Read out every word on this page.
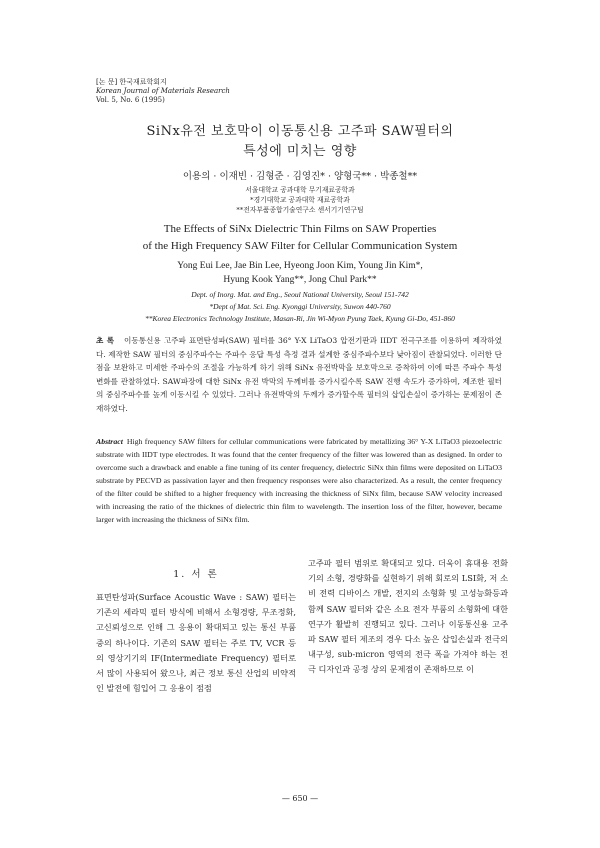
[논 문] 한국재료학회지
Korean Journal of Materials Research
Vol. 5, No. 6 (1995)
SiNx유전 보호막이 이동통신용 고주파 SAW필터의
특성에 미치는 영향
이용의 · 이재빈 · 김형준 · 김영진* · 양형국** · 박종철**
서울대학교 공과대학 무기재료공학과
*경기대학교 공과대학 재료공학과
**전자부품종합기술연구소 센서기기연구팀
The Effects of SiNx Dielectric Thin Films on SAW Properties
of the High Frequency SAW Filter for Cellular Communication System
Yong Eui Lee, Jae Bin Lee, Hyeong Joon Kim, Young Jin Kim*,
Hyung Kook Yang**, Jong Chul Park**
Dept. of Inorg. Mat. and Eng., Seoul National University, Seoul 151-742
*Dept of Mat. Sci. Eng. Kyonggi University, Suwon 440-760
**Korea Electronics Technology Institute, Masan-Ri, Jin Wi-Myon Pyung Taek, Kyung Gi-Do, 451-860

초 록 이동통신용 고주파 표면탄성파(SAW) 필터를 36° Y-X LiTaO3 압전기판과 IIDT 전극구조를 이용하여 제작하였다. 제작한 SAW 필터의 중심주파수는 주파수 응답 특성 측정 결과 설계한 중심주파수보다 낮아짐이 관찰되었다. 이러한 단점을 보완하고 미세한 주파수의 조절을 가능하게 하기 위해 SiNx 유전박막을 보호막으로 증착하여 이에 따른 주파수 특성 변화를 관찰하였다. SAW파장에 대한 SiNx 유전 박막의 두께비를 증가시킬수록 SAW 진행 속도가 증가하여, 제조한 필터의 중심주파수를 높게 이동시킬 수 있었다. 그러나 유전박막의 두께가 증가할수록 필터의 삽입손실이 증가하는 문제점이 존재하였다.

Abstract High frequency SAW filters for cellular communications were fabricated by metallizing 36° Y-X LiTaO3 piezoelectric substrate with IIDT type electrodes. It was found that the center frequency of the filter was lowered than as designed. In order to overcome such a drawback and enable a fine tuning of its center frequency, dielectric SiNx thin films were deposited on LiTaO3 substrate by PECVD as passivation layer and then frequency responses were also characterized. As a result, the center frequency of the filter could be shifted to a higher frequency with increasing the thickness of SiNx film, because SAW velocity increased with increasing the ratio of the thicknes of dielectric thin film to wavelength. The insertion loss of the filter, however, became larger with increasing the thickness of SiNx film.

1. 서 론

표면탄성파(Surface Acoustic Wave : SAW) 필터는 기존의 세라믹 필터 방식에 비해서 소형경량, 무조정화, 고신뢰성으로 인해 그 응용이 확대되고 있는 통신 부품 중의 하나이다. 기존의 SAW 필터는 주로 TV, VCR 등의 영상기기의 IF(Intermediate Frequency) 필터로서 많이 사용되어 왔으나, 최근 정보 통신 산업의 비약적인 발전에 힘입어 그 응용이 점점

고주파 필터 범위로 확대되고 있다. 더욱이 휴대용 전화기의 소형, 경량화를 실현하기 위해 회로의 LSI화, 저 소비 전력 디바이스 개발, 전지의 소형화 및 고성능화등과 함께 SAW 필터와 같은 소요 전자 부품의 소형화에 대한 연구가 활발히 진행되고 있다. 그러나 이동통신용 고주파 SAW 필터 제조의 경우 다소 높은 삽입손실과 전극의 내구성, sub-micron 영역의 전극 폭을 가져야 하는 전극 디자인과 공정 상의 문제점이 존재하므로 이

— 650 —
